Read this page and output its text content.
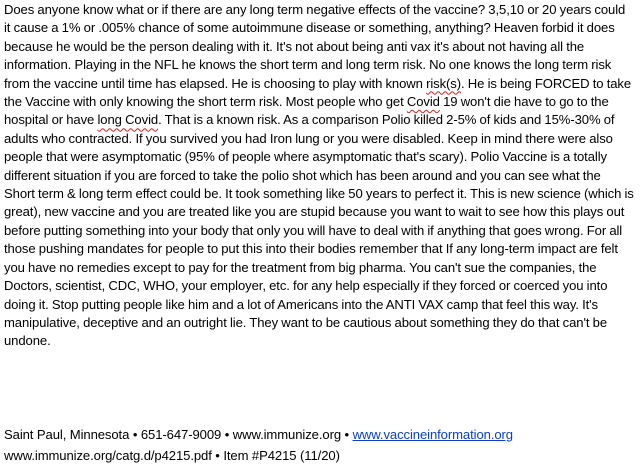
Does anyone know what or if there are any long term negative effects of the vaccine? 3,5,10 or 20 years could it cause a 1% or .005% chance of some autoimmune disease or something, anything? Heaven forbid it does because he would be the person dealing with it. It's not about being anti vax it's about not having all the information. Playing in the NFL he knows the short term and long term risk. No one knows the long term risk from the vaccine until time has elapsed. He is choosing to play with known risk(s). He is being FORCED to take the Vaccine with only knowing the short term risk. Most people who get Covid 19 won't die have to go to the hospital or have long Covid. That is a known risk. As a comparison Polio killed 2-5% of kids and 15%-30% of adults who contracted. If you survived you had Iron lung or you were disabled. Keep in mind there were also people that were asymptomatic (95% of people where asymptomatic that's scary). Polio Vaccine is a totally different situation if you are forced to take the polio shot which has been around and you can see what the Short term & long term effect could be. It took something like 50 years to perfect it. This is new science (which is great), new vaccine and you are treated like you are stupid because you want to wait to see how this plays out before putting something into your body that only you will have to deal with if anything that goes wrong. For all those pushing mandates for people to put this into their bodies remember that If any long-term impact are felt you have no remedies except to pay for the treatment from big pharma. You can't sue the companies, the Doctors, scientist, CDC, WHO, your employer, etc. for any help especially if they forced or coerced you into doing it. Stop putting people like him and a lot of Americans into the ANTI VAX camp that feel this way. It's manipulative, deceptive and an outright lie. They want to be cautious about something they do that can't be undone.

Saint Paul, Minnesota • 651-647-9009 • www.immunize.org • www.vaccineinformation.org
www.immunize.org/catg.d/p4215.pdf • Item #P4215 (11/20)
